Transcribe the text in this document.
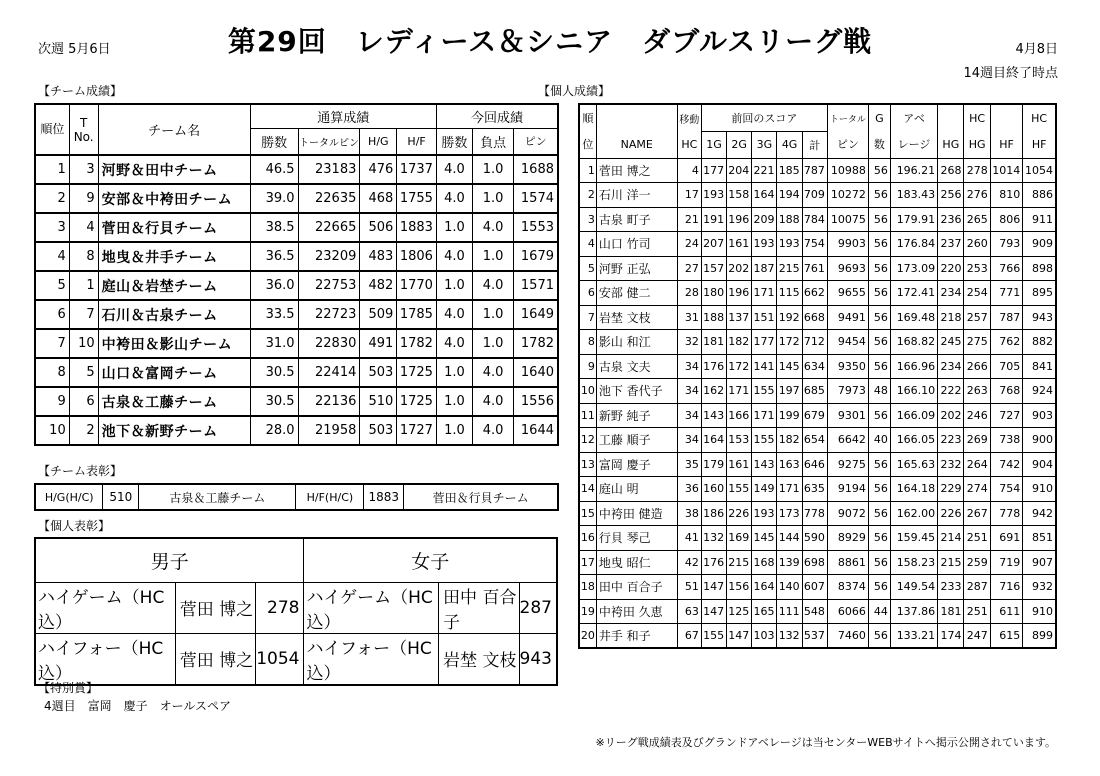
次週 5月6日	第29回　レディース＆シニア　ダブルスリーグ戦	4月8日
14週目終了時点
【チーム成績】	【個人成績】
順位	T No.	チーム名	通算成績				今回成績		
			勝数	トータルピン	H/G	H/F	勝数	負点	ピン
1	3	河野＆田中チーム	46.5	23183	476	1737	4.0	1.0	1688
2	9	安部＆中袴田チーム	39.0	22635	468	1755	4.0	1.0	1574
3	4	菅田＆行貝チーム	38.5	22665	506	1883	1.0	4.0	1553
4	8	地曳＆井手チーム	36.5	23209	483	1806	4.0	1.0	1679
5	1	庭山＆岩埜チーム	36.0	22753	482	1770	1.0	4.0	1571
6	7	石川＆古泉チーム	33.5	22723	509	1785	4.0	1.0	1649
7	10	中袴田＆影山チーム	31.0	22830	491	1782	4.0	1.0	1782
8	5	山口＆富岡チーム	30.5	22414	503	1725	1.0	4.0	1640
9	6	古泉＆工藤チーム	30.5	22136	510	1725	1.0	4.0	1556
10	2	池下＆新野チーム	28.0	21958	503	1727	1.0	4.0	1644
【チーム表彰】
H/G(H/C)	510	古泉＆工藤チーム	H/F(H/C)	1883	菅田＆行貝チーム
【個人表彰】
男子			女子		
ハイゲーム（HC込）	菅田 博之	278	ハイゲーム（HC込）	田中 百合子	287
ハイフォー（HC込）	菅田 博之	1054	ハイフォー（HC込）	岩埜 文枝	943
【特別賞】
4週目　富岡　慶子　オールスペア
順		移動	前回のスコア					トータル	G	アベ		HC		HC
位	NAME	HC	1G	2G	3G	4G	計	ピン	数	レージ	HG	HG	HF	HF
1	菅田 博之	4	177	204	221	185	787	10988	56	196.21	268	278	1014	1054
2	石川 洋一	17	193	158	164	194	709	10272	56	183.43	256	276	810	886
3	古泉 町子	21	191	196	209	188	784	10075	56	179.91	236	265	806	911
4	山口 竹司	24	207	161	193	193	754	9903	56	176.84	237	260	793	909
5	河野 正弘	27	157	202	187	215	761	9693	56	173.09	220	253	766	898
6	安部 健二	28	180	196	171	115	662	9655	56	172.41	234	254	771	895
7	岩埜 文枝	31	188	137	151	192	668	9491	56	169.48	218	257	787	943
8	影山 和江	32	181	182	177	172	712	9454	56	168.82	245	275	762	882
9	古泉 文夫	34	176	172	141	145	634	9350	56	166.96	234	266	705	841
10	池下 香代子	34	162	171	155	197	685	7973	48	166.10	222	263	768	924
11	新野 純子	34	143	166	171	199	679	9301	56	166.09	202	246	727	903
12	工藤 順子	34	164	153	155	182	654	6642	40	166.05	223	269	738	900
13	富岡 慶子	35	179	161	143	163	646	9275	56	165.63	232	264	742	904
14	庭山 明	36	160	155	149	171	635	9194	56	164.18	229	274	754	910
15	中袴田 健造	38	186	226	193	173	778	9072	56	162.00	226	267	778	942
16	行貝 琴己	41	132	169	145	144	590	8929	56	159.45	214	251	691	851
17	地曳 昭仁	42	176	215	168	139	698	8861	56	158.23	215	259	719	907
18	田中 百合子	51	147	156	164	140	607	8374	56	149.54	233	287	716	932
19	中袴田 久恵	63	147	125	165	111	548	6066	44	137.86	181	251	611	910
20	井手 和子	67	155	147	103	132	537	7460	56	133.21	174	247	615	899
※リーグ戦成績表及びグランドアベレージは当センターWEBサイトへ掲示公開されています。
